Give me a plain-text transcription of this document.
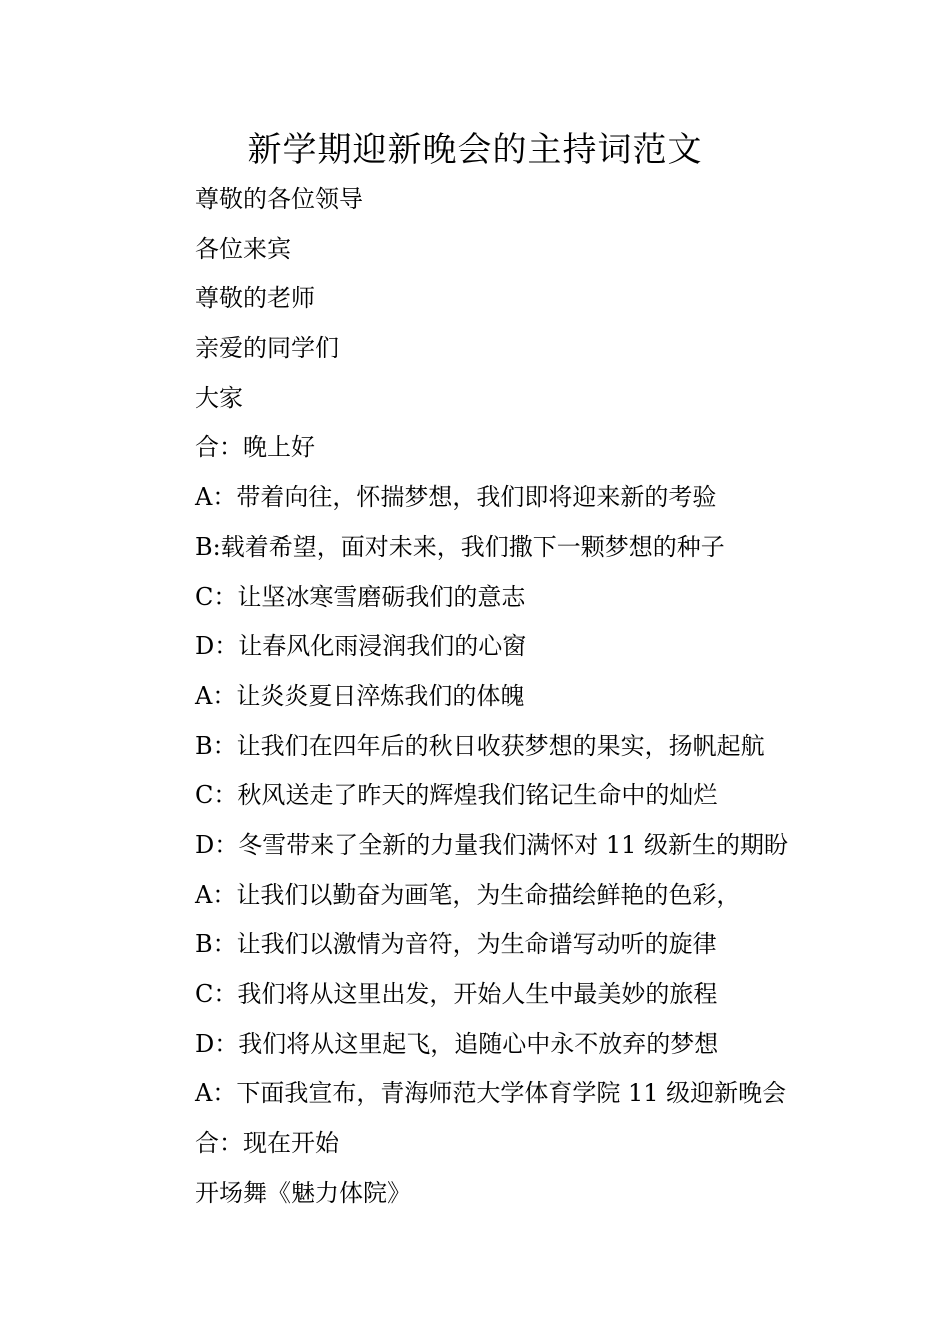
新学期迎新晚会的主持词范文
尊敬的各位领导
各位来宾
尊敬的老师
亲爱的同学们
大家
合：晚上好
A：带着向往，怀揣梦想，我们即将迎来新的考验
B:载着希望，面对未来，我们撒下一颗梦想的种子
C：让坚冰寒雪磨砺我们的意志
D：让春风化雨浸润我们的心窗
A：让炎炎夏日淬炼我们的体魄
B：让我们在四年后的秋日收获梦想的果实，扬帆起航
C：秋风送走了昨天的辉煌我们铭记生命中的灿烂
D：冬雪带来了全新的力量我们满怀对 11 级新生的期盼
A：让我们以勤奋为画笔，为生命描绘鲜艳的色彩，
B：让我们以激情为音符，为生命谱写动听的旋律
C：我们将从这里出发，开始人生中最美妙的旅程
D：我们将从这里起飞，追随心中永不放弃的梦想
A：下面我宣布，青海师范大学体育学院 11 级迎新晚会
合：现在开始
开场舞《魅力体院》
